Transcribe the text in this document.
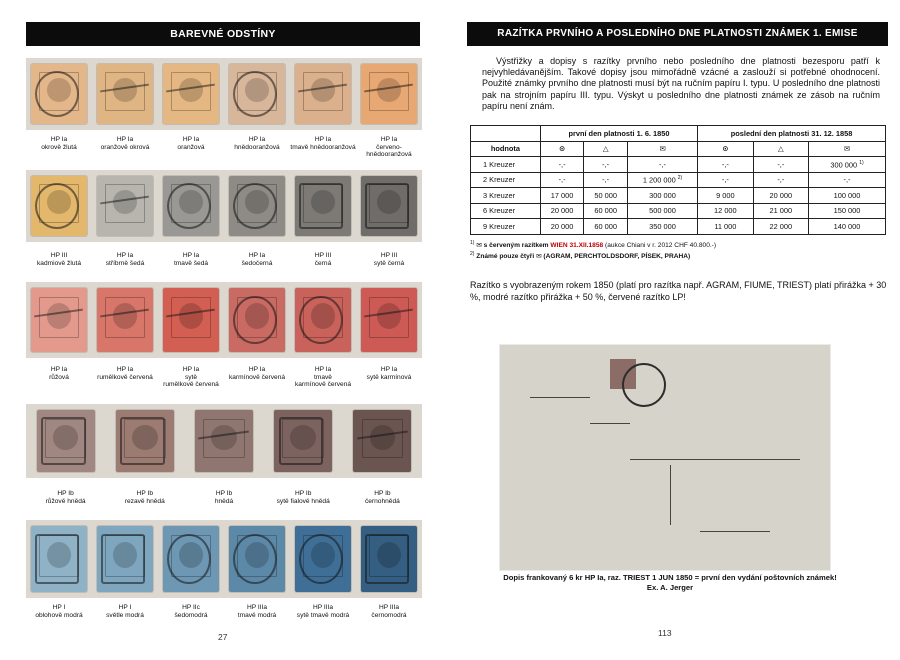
BAREVNÉ ODSTÍNY
HP Ia
okrově žlutá
HP Ia
oranžově okrová
HP Ia
oranžová
HP Ia
hnědooranžová
HP Ia
tmavě hnědooranžová
HP Ia
červeno-
hnědooranžová
HP III
kadmiově žlutá
HP Ia
stříbrně šedá
HP Ia
tmavě šedá
HP Ia
šedočerná
HP III
černá
HP III
sytě černá
HP Ia
růžová
HP Ia
rumělkově červená
HP Ia
sytě
rumělkově červená
HP Ia
karmínově červená
HP Ia
tmavě
karmínově červená
HP Ia
sytě karmínová
HP Ib
růžově hnědá
HP Ib
rezavě hnědá
HP Ib
hnědá
HP Ib
sytě fialově hnědá
HP Ib
černohnědá
HP I
oblohově modrá
HP I
světle modrá
HP IIc
šedomodrá
HP IIIa
tmavě modrá
HP IIIa
sytě tmavě modrá
HP IIIa
černomodrá
27
RAZÍTKA PRVNÍHO A POSLEDNÍHO DNE PLATNOSTI ZNÁMEK 1. EMISE
Výstřižky a dopisy s razítky prvního nebo posledního dne platnosti bezesporu patří k nejvyhledávanějším. Takové dopisy jsou mimořádně vzácné a zaslouží si potřebné ohodnocení. Použité známky prvního dne platnosti musí být na ručním papíru I. typu. U posledního dne platnosti pak na strojním papíru III. typu. Výskyt u posledního dne platnosti známek ze zásob na ručním papíru není znám.
	první den platnosti 1. 6. 1850			poslední den platnosti 31. 12. 1858		
hodnota	⊙	△	✉	⊙	△	✉
1 Kreuzer	-,-	-,-	-,-	-,-	-,-	300 000 $^{1)}$
2 Kreuzer	-,-	-,-	1 200 000 $^{2)}$	-,-	-,-	-,-
3 Kreuzer	17 000	50 000	300 000	9 000	20 000	100 000
6 Kreuzer	20 000	60 000	500 000	12 000	21 000	150 000
9 Kreuzer	20 000	60 000	350 000	11 000	22 000	140 000
$^{1)}$ ✉ s červeným razítkem WIEN 31.XII.1858 (aukce Chiani v r. 2012 CHF 40.800.-)
$^{2)}$ Známé pouze čtyři ✉ (AGRAM, PERCHTOLDSDORF, PÍSEK, PRAHA)
Razítko s vyobrazeným rokem 1850 (platí pro razítka např. AGRAM, FIUME, TRIEST) platí přirážka + 30 %, modré razítko přirážka + 50 %, červené razítko LP!
113
Dopis frankovaný 6 kr HP Ia, raz. TRIEST 1 JUN 1850 = první den vydání poštovních známek!
Ex. A. Jerger
